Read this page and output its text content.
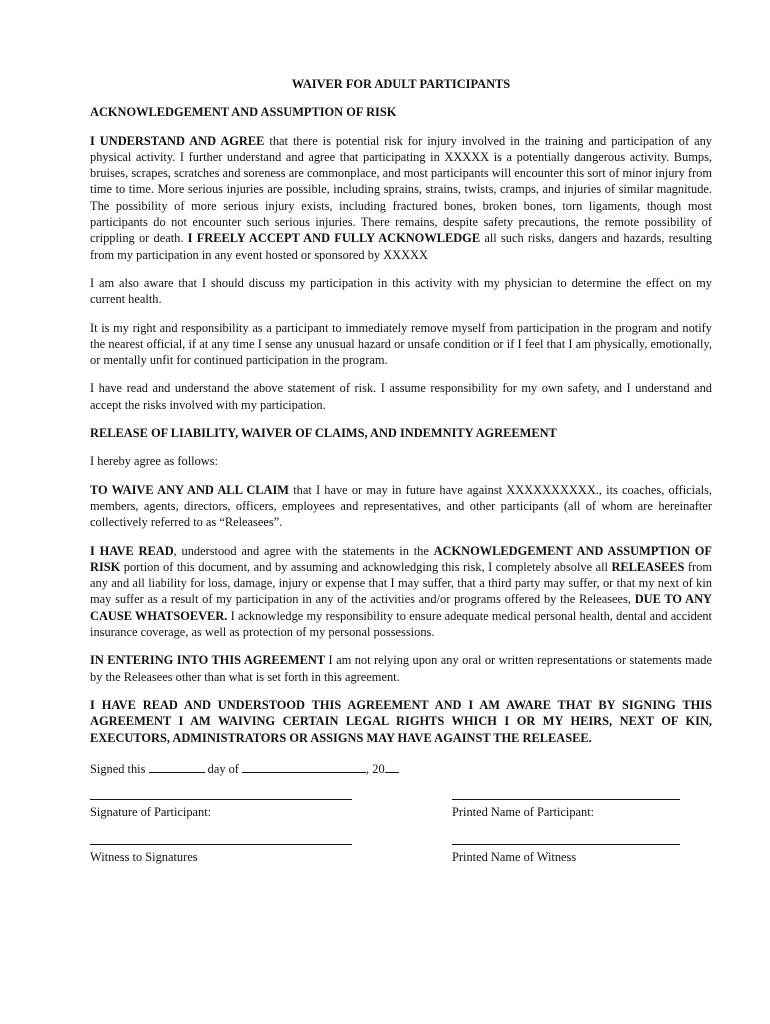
WAIVER FOR ADULT PARTICIPANTS
ACKNOWLEDGEMENT AND ASSUMPTION OF RISK

I UNDERSTAND AND AGREE that there is potential risk for injury involved in the training and participation of any physical activity. I further understand and agree that participating in XXXXX is a potentially dangerous activity. Bumps, bruises, scrapes, scratches and soreness are commonplace, and most participants will encounter this sort of minor injury from time to time. More serious injuries are possible, including sprains, strains, twists, cramps, and injuries of similar magnitude. The possibility of more serious injury exists, including fractured bones, broken bones, torn ligaments, though most participants do not encounter such serious injuries. There remains, despite safety precautions, the remote possibility of crippling or death. I FREELY ACCEPT AND FULLY ACKNOWLEDGE all such risks, dangers and hazards, resulting from my participation in any event hosted or sponsored by XXXXX

I am also aware that I should discuss my participation in this activity with my physician to determine the effect on my current health.

It is my right and responsibility as a participant to immediately remove myself from participation in the program and notify the nearest official, if at any time I sense any unusual hazard or unsafe condition or if I feel that I am physically, emotionally, or mentally unfit for continued participation in the program.

I have read and understand the above statement of risk. I assume responsibility for my own safety, and I understand and accept the risks involved with my participation.

RELEASE OF LIABILITY, WAIVER OF CLAIMS, AND INDEMNITY AGREEMENT

I hereby agree as follows:

TO WAIVE ANY AND ALL CLAIM that I have or may in future have against XXXXXXXXXX., its coaches, officials, members, agents, directors, officers, employees and representatives, and other participants (all of whom are hereinafter collectively referred to as “Releasees”.

I HAVE READ, understood and agree with the statements in the ACKNOWLEDGEMENT AND ASSUMPTION OF RISK portion of this document, and by assuming and acknowledging this risk, I completely absolve all RELEASEES from any and all liability for loss, damage, injury or expense that I may suffer, that a third party may suffer, or that my next of kin may suffer as a result of my participation in any of the activities and/or programs offered by the Releasees, DUE TO ANY CAUSE WHATSOEVER. I acknowledge my responsibility to ensure adequate medical personal health, dental and accident insurance coverage, as well as protection of my personal possessions.

IN ENTERING INTO THIS AGREEMENT I am not relying upon any oral or written representations or statements made by the Releasees other than what is set forth in this agreement.

I HAVE READ AND UNDERSTOOD THIS AGREEMENT AND I AM AWARE THAT BY SIGNING THIS AGREEMENT I AM WAIVING CERTAIN LEGAL RIGHTS WHICH I OR MY HEIRS, NEXT OF KIN, EXECUTORS, ADMINISTRATORS OR ASSIGNS MAY HAVE AGAINST THE RELEASEE.

Signed this	day of	, 20
Signature of Participant:	Printed Name of Participant:
Witness to Signatures	Printed Name of Witness
